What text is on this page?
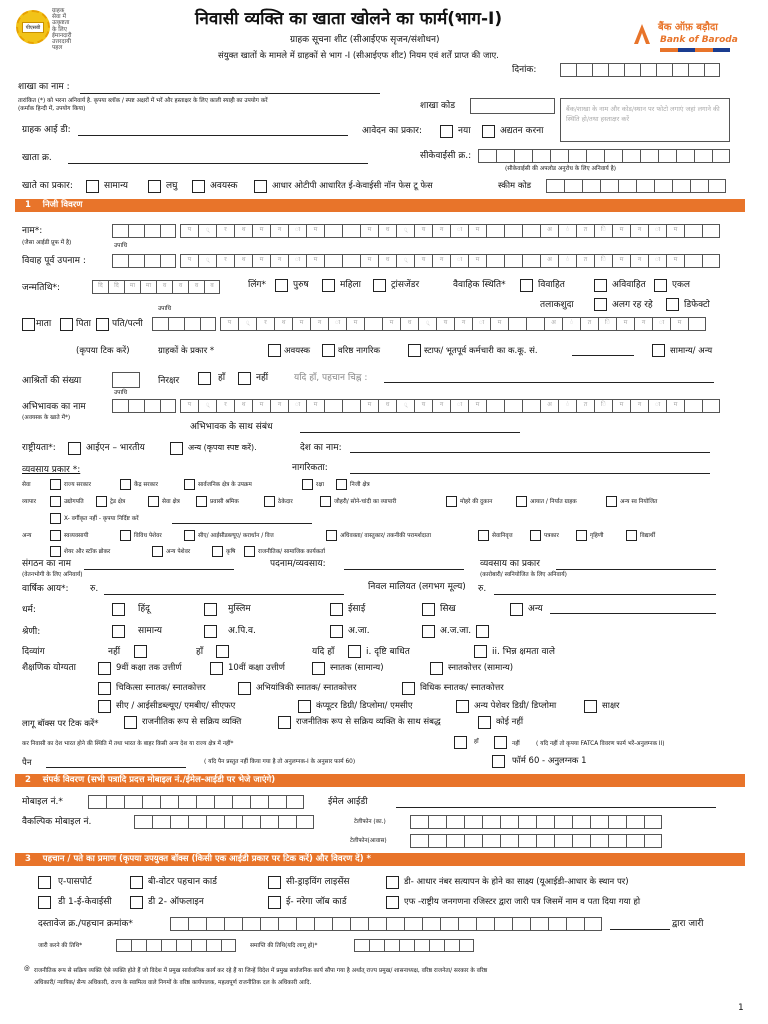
पीएसबी
ग्राहक
सेवा में
उत्कृष्टता
के लिए
ईमानदारी
उत्तरदायी
पहल
निवासी व्यक्ति का खाता खोलने का फार्म(भाग-I)
ग्राहक सूचना शीट (सीआईएफ सृजन/संशोधन)
संयुक्त खातों के मामले में ग्राहकों से भाग -I (सीआईएफ शीट) नियम एवं शर्तें प्राप्त की जाए.
बैंक ऑफ़ बड़ौदा
Bank of Baroda
दिनांक:
शाखा का नाम :
शाखा कोड	बैंक/शाखा के नाम और कोड/स्थान पर फोटो लगाएं जहां लगाने की स्थिति हो/तथा हस्ताक्षर करें
तारांकित (*) को भरना अनिवार्य है. कृपया ब्लॉक / स्पष्ट अक्षरों में भरें और हस्ताक्षर के लिए काली स्याही का उपयोग करें
(कर्मांक हिन्दी में, उपयोग किया)
ग्राहक आई डी:	आवेदन का प्रकार:	नया	अद्यतन करना
खाता क्र.	सीकेवाईसी क्र.:
(सीकेवाईसी की अपलोड अनुरोध के लिए अनिवार्य है)
खाते का प्रकार:	सामान्य	लघु	अवयस्क	आधार ओटीपी आधारित ई-केवाईसी नॉन फेस टू फेस	स्कीम कोड
1 निजी विवरण
नाम*:
(जैसा आईडी प्रूफ में है)	उपाधि
प	्	र	थ	म	न	ा	म	म	ध	्	य	न	ा	म	अ	ं	त	ि	म	न	ा	म
विवाह पूर्व उपनाम :	प	्	र	थ	म	न	ा	म	म	ध	्	य	न	ा	म	अ	ं	त	ि	म	न	ा	म
जन्मतिथि*:	दि	दि	मा	मा	व	व	व	व	लिंग*	पुरुष	महिला	ट्रांसजेंडर	वैवाहिक स्थिति*	विवाहित	अविवाहित	एकल
तलाकशुदा	अलग रह रहे	डिफेक्टो
उपाधि
माता	पिता पति/पत्नी	प	्	र	थ	म	न	ा	म	म	ध	्	य	न	ा	म	अ	ं	त	ि	म	न	ा	म
(कृपया टिक करें)	ग्राहकों के प्रकार *	अवयस्क	वरिष्ठ नागरिक	स्टाफ/ भूतपूर्व कर्मचारी का क.कू. सं.	सामान्य/ अन्य
आश्रितों की संख्या	निरक्षर	हाँ	नहीं	यदि हाँ, पहचान चिह्न :
उपाधि
अभिभावक का नाम
(अवयस्क के खाते में*)
प	्	र	थ	म	न	ा	म	म	ध	्	य	न	ा	म	अ	ं	त	ि	म	न	ा	म
अभिभावक के साथ संबंध
राष्ट्रीयता*:	आईएन – भारतीय	अन्य (कृपया स्पष्ट करें).	देश का नाम:
नागरिकता:
व्यवसाय प्रकार *:
सेवा	राज्य सरकार	केंद्र सरकार	सार्वजनिक क्षेत्र के उपक्रम	रक्षा	निजी क्षेत्र
व्यापार	उद्योगपति	ट्रेड क्षेत्र	सेवा क्षेत्र	प्रवासी श्रमिक	ठेकेदार	जौहरी/ सोने-चांदी का व्यापारी	मोहरे की दुकान	आयात / निर्यात ग्राहक	अन्य स्व नियोजित
X- वर्गीकृत नहीं - कृपया निर्दिष्ट करें
अन्य	स्वव्यवसायी	विविध पेशेवर	सीए/ आईसीडब्ल्यूए/ करार्धान / वित्त	अधिवक्ता/ वास्तुकार/ तकनीकी परामर्शदाता	सेवानिवृत्त	पत्रकार	गृहिणी	विद्यार्थी
शेयर और स्टॉक ब्रोकर	अन्य पेशेवर	कृषि	राजनीतिक/ सामाजिक कार्यकर्ता
संगठन का नाम
(वेतनभोगी के लिए अनिवार्य)
पदनाम/व्यवसाय:	व्यवसाय का प्रकार
(कारोबारी/ स्वनियोजित के लिए अनिवार्य)
वार्षिक आय*: रु.	निवल मालियत (लगभग मूल्य) रु.
धर्म:	हिंदू	मुस्लिम	ईसाई	सिख	अन्य
श्रेणी:	सामान्य	अ.पि.व.	अ.जा.	अ.ज.जा.
दिव्यांग	नहीं	हाँ	यदि हाँ	i. दृष्टि बाधित	ii. भिन्न क्षमता वाले
शैक्षणिक योग्यता	9वीं कक्षा तक उत्तीर्ण	10वीं कक्षा उत्तीर्ण	स्नातक (सामान्य)	स्नातकोत्तर (सामान्य)
चिकित्सा स्नातक/ स्नातकोत्तर	अभियांत्रिकी स्नातक/ स्नातकोत्तर	विधिक स्नातक/ स्नातकोत्तर
सीए / आईसीडब्ल्यूए/ एमबीए/ सीएफए	कंप्यूटर डिग्री/ डिप्लोमा/ एमसीए	अन्य पेशेवर डिग्री/ डिप्लोमा	साक्षर
लागू बॉक्स पर टिक करें*	राजनीतिक रूप से सक्रिय व्यक्ति	राजनीतिक रूप से सक्रिय व्यक्ति के साथ संबद्ध	कोई नहीं
कर निवासी का देश भारत होने की स्थिति में तथा भारत के बाहर किसी अन्य देश या राज्य क्षेत्र में नहीं*	हाँ	नहीं	( यदि नहीं तो कृपया FATCA विवरण फार्म भरें-अनुलग्नक II)
पैन	( यदि पैन प्रस्तुत नहीं किया गया है तो अनुलग्नक-I के अनुसार फार्म 60)	फॉर्म 60 - अनुलग्नक 1
2 संपर्क विवरण (सभी पत्रादि प्रदत्त मोबाइल नं./ईमेल-आईडी पर भेजे जाएंगे)
मोबाइल नं.*	ईमेल आईडी
वैकल्पिक मोबाइल नं.	टेलीफोन (का.)
टेलीफोन(आवास)
3 पहचान / पते का प्रमाण (कृपया उपयुक्त बॉक्स (किसी एक आईडी प्रकार पर टिक करें) और विवरण दें) *
ए-पासपोर्ट	बी-वोटर पहचान कार्ड	सी-ड्राइविंग लाइसेंस	डी- आधार नंबर सत्यापन के होने का साक्ष्य (यूआईडी-आधार के स्थान पर)
डी 1-ई-केवाईसी	डी 2- ऑफलाइन	ई- नरेगा जॉब कार्ड	एफ -राष्ट्रीय जनगणना रजिस्टर द्वारा जारी पत्र जिसमें नाम व पता दिया गया हो
दस्तावेज क्र./पहचान क्रमांक*	द्वारा जारी
जारी करने की तिथि*	समाप्ति की तिथि(यदि लागू हो)*
@ राजनीतिक रूप से सक्रिय व्यक्ति ऐसे व्यक्ति होते हैं जो विदेश में प्रमुख सार्वजनिक कार्य कर रहे हैं या जिन्हें विदेश में प्रमुख सार्वजनिक कार्य सौंपा गया है अर्थात् राज्य प्रमुख/ शासनाध्यक्ष, वरिष्ठ राजनेता/ सरकार के वरिष्ठ
अधिकारी/ न्यायिक/ सैन्य अधिकारी, राज्य के स्वामित्व वाले निगमों के वरिष्ठ कार्यपालक, महत्वपूर्ण राजनीतिक दल के अधिकारी आदि.
1
